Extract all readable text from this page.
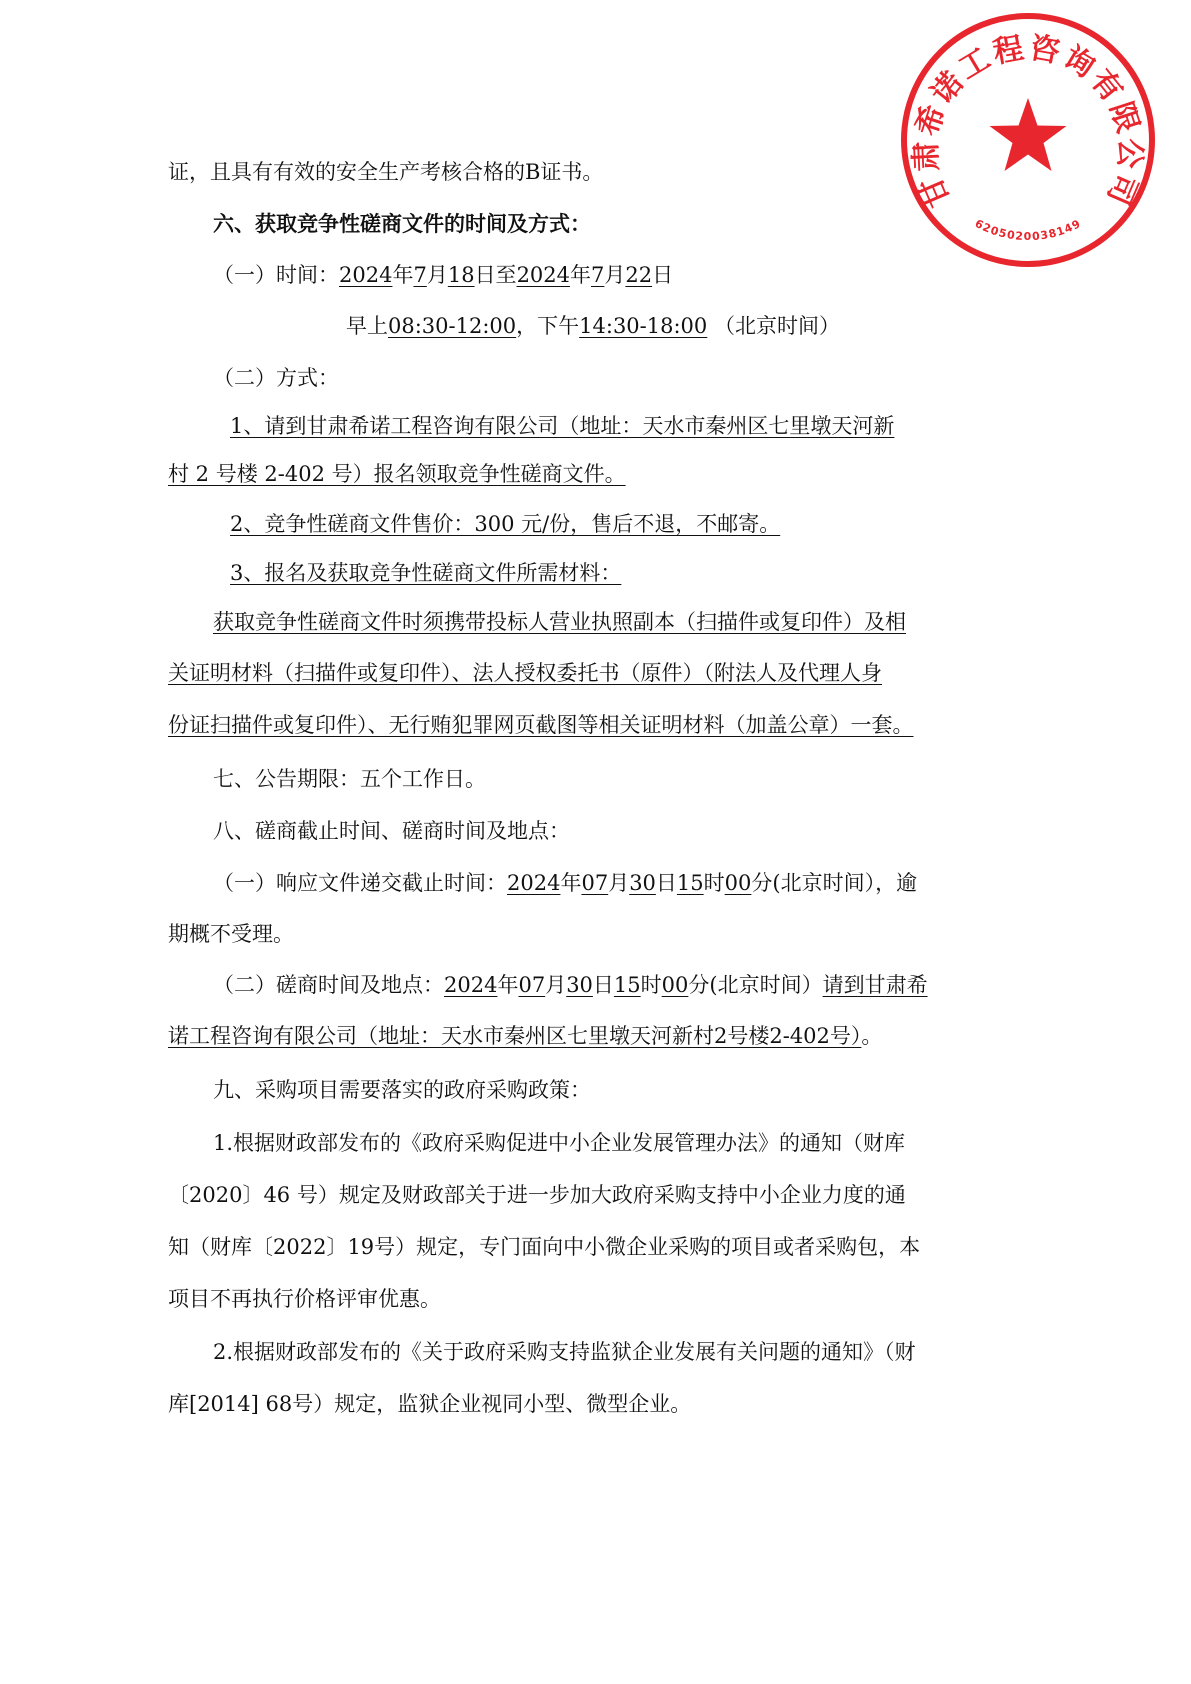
甘肃希诺工程咨询有限公司
6205020038149
证，且具有有效的安全生产考核合格的B证书。
六、获取竞争性磋商文件的时间及方式：
（一）时间：2024年7月18日至2024年7月22日
早上08:30-12:00，下午14:30-18:00 （北京时间）
（二）方式：
1、请到甘肃希诺工程咨询有限公司（地址：天水市秦州区七里墩天河新
村 2 号楼 2-402 号）报名领取竞争性磋商文件。
2、竞争性磋商文件售价：300 元/份，售后不退，不邮寄。
3、报名及获取竞争性磋商文件所需材料：
获取竞争性磋商文件时须携带投标人营业执照副本（扫描件或复印件）及相
关证明材料（扫描件或复印件）、法人授权委托书（原件）（附法人及代理人身
份证扫描件或复印件）、无行贿犯罪网页截图等相关证明材料（加盖公章）一套。
七、公告期限：五个工作日。
八、磋商截止时间、磋商时间及地点：
（一）响应文件递交截止时间：2024年07月30日15时00分(北京时间），逾
期概不受理。
（二）磋商时间及地点：2024年07月30日15时00分(北京时间）请到甘肃希
诺工程咨询有限公司（地址：天水市秦州区七里墩天河新村2号楼2-402号）。
九、采购项目需要落实的政府采购政策：
1.根据财政部发布的《政府采购促进中小企业发展管理办法》的通知（财库
〔2020〕46 号）规定及财政部关于进一步加大政府采购支持中小企业力度的通
知（财库〔2022〕19号）规定，专门面向中小微企业采购的项目或者采购包，本
项目不再执行价格评审优惠。
2.根据财政部发布的《关于政府采购支持监狱企业发展有关问题的通知》（财
库[2014] 68号）规定，监狱企业视同小型、微型企业。
